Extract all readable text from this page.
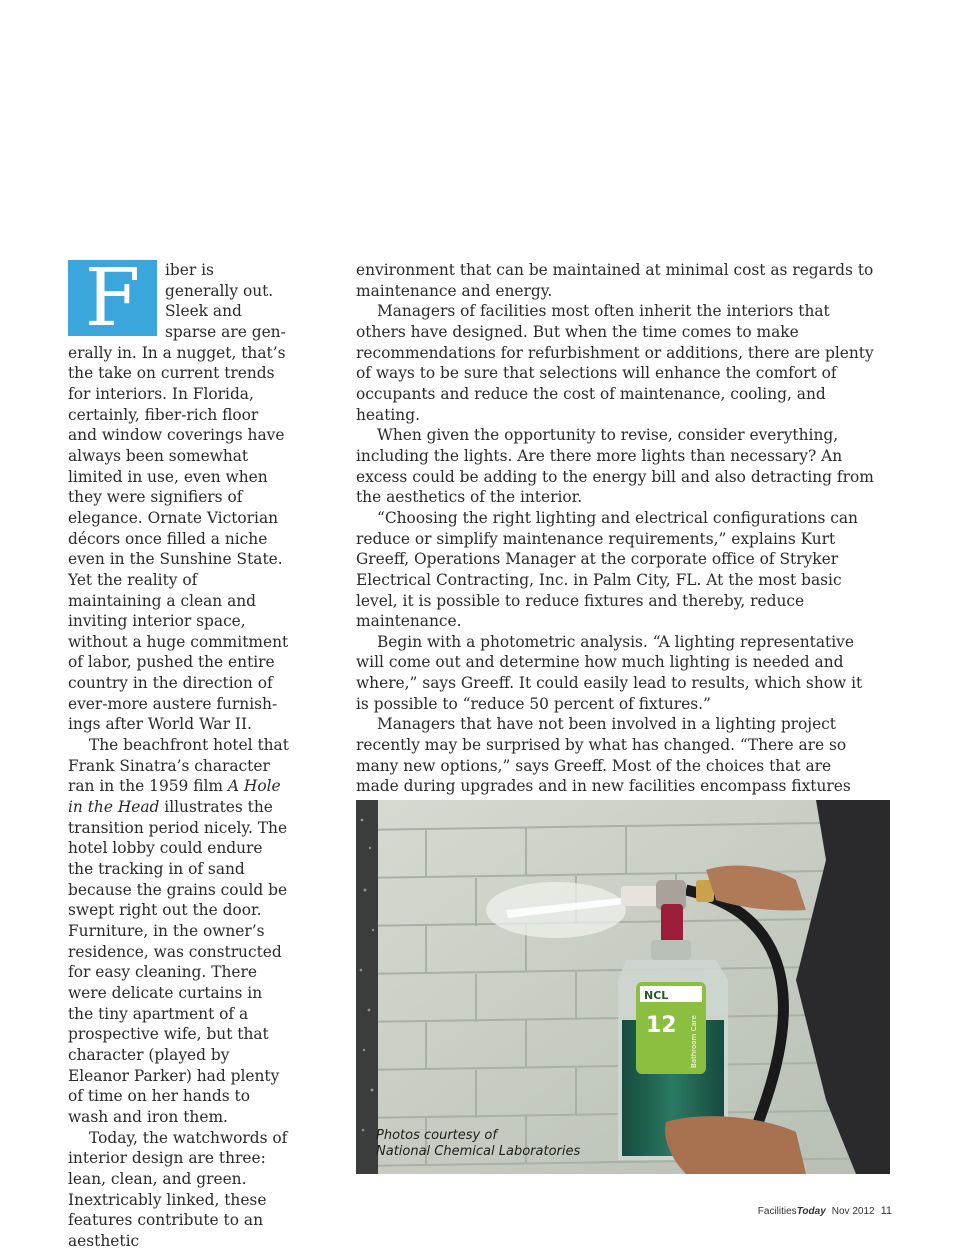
F iber is generally out. Sleek and sparse are generally in. In a nugget, that’s the take on current trends for interiors. In Florida, certainly, fiber-rich floor and window coverings have always been somewhat limited in use, even when they were signifiers of elegance. Ornate Victorian décors once filled a niche even in the Sunshine State. Yet the reality of maintaining a clean and inviting interior space, without a huge commitment of labor, pushed the entire country in the direction of ever-more austere furnishings after World War II.

The beachfront hotel that Frank Sinatra’s character ran in the 1959 film A Hole in the Head illustrates the transition period nicely. The hotel lobby could endure the tracking in of sand because the grains could be swept right out the door. Furniture, in the owner’s residence, was constructed for easy cleaning. There were delicate curtains in the tiny apartment of a prospective wife, but that character (played by Eleanor Parker) had plenty of time on her hands to wash and iron them.

Today, the watchwords of interior design are three: lean, clean, and green. Inextricably linked, these features contribute to an aesthetic

environment that can be maintained at minimal cost as regards to maintenance and energy.

Managers of facilities most often inherit the interiors that others have designed. But when the time comes to make recommendations for refurbishment or additions, there are plenty of ways to be sure that selections will enhance the comfort of occupants and reduce the cost of maintenance, cooling, and heating.

When given the opportunity to revise, consider everything, including the lights. Are there more lights than necessary? An excess could be adding to the energy bill and also detracting from the aesthetics of the interior.

“Choosing the right lighting and electrical configurations can reduce or simplify maintenance requirements,” explains Kurt Greeff, Operations Manager at the corporate office of Stryker Electrical Contracting, Inc. in Palm City, FL. At the most basic level, it is possible to reduce fixtures and thereby, reduce maintenance.

Begin with a photometric analysis. “A lighting representative will come out and determine how much lighting is needed and where,” says Greeff. It could easily lead to results, which show it is possible to “reduce 50 percent of fixtures.”

Managers that have not been involved in a lighting project recently may be surprised by what has changed. “There are so many new options,” says Greeff. Most of the choices that are made during upgrades and in new facilities encompass fixtures

NCL
12 Bathroom Care
Photos courtesy of
National Chemical Laboratories
FacilitiesToday Nov 2012 11
